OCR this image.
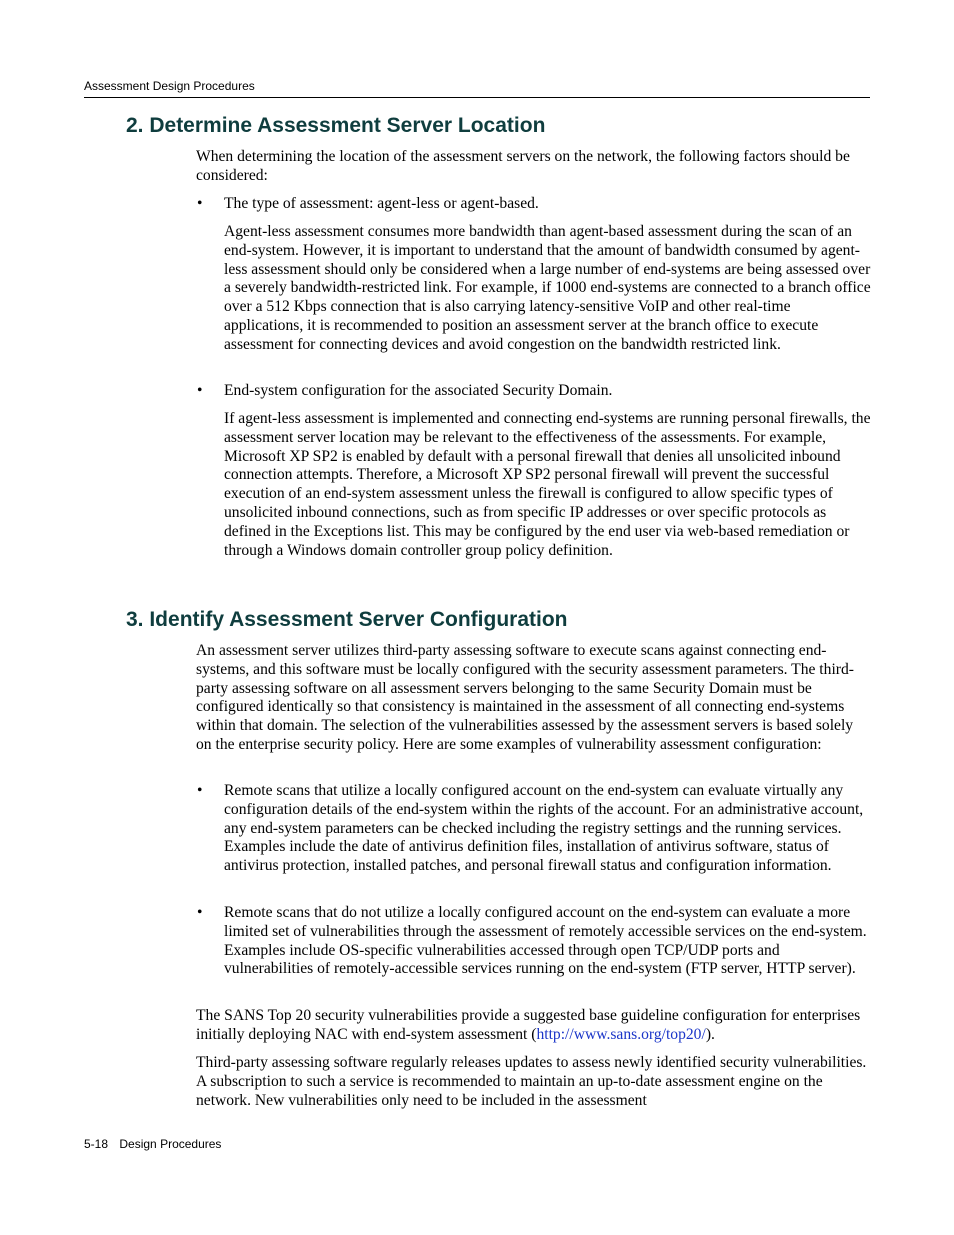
Assessment Design Procedures
2. Determine Assessment Server Location

When determining the location of the assessment servers on the network, the following factors should be considered:

• The type of assessment: agent-less or agent-based.

Agent-less assessment consumes more bandwidth than agent-based assessment during the scan of an end-system. However, it is important to understand that the amount of bandwidth consumed by agent-less assessment should only be considered when a large number of end-systems are being assessed over a severely bandwidth-restricted link. For example, if 1000 end-systems are connected to a branch office over a 512 Kbps connection that is also carrying latency-sensitive VoIP and other real-time applications, it is recommended to position an assessment server at the branch office to execute assessment for connecting devices and avoid congestion on the bandwidth restricted link.

• End-system configuration for the associated Security Domain.

If agent-less assessment is implemented and connecting end-systems are running personal firewalls, the assessment server location may be relevant to the effectiveness of the assessments. For example, Microsoft XP SP2 is enabled by default with a personal firewall that denies all unsolicited inbound connection attempts. Therefore, a Microsoft XP SP2 personal firewall will prevent the successful execution of an end-system assessment unless the firewall is configured to allow specific types of unsolicited inbound connections, such as from specific IP addresses or over specific protocols as defined in the Exceptions list. This may be configured by the end user via web-based remediation or through a Windows domain controller group policy definition.

3. Identify Assessment Server Configuration

An assessment server utilizes third-party assessing software to execute scans against connecting end-systems, and this software must be locally configured with the security assessment parameters. The third-party assessing software on all assessment servers belonging to the same Security Domain must be configured identically so that consistency is maintained in the assessment of all connecting end-systems within that domain. The selection of the vulnerabilities assessed by the assessment servers is based solely on the enterprise security policy. Here are some examples of vulnerability assessment configuration:

• Remote scans that utilize a locally configured account on the end-system can evaluate virtually any configuration details of the end-system within the rights of the account. For an administrative account, any end-system parameters can be checked including the registry settings and the running services. Examples include the date of antivirus definition files, installation of antivirus software, status of antivirus protection, installed patches, and personal firewall status and configuration information.

• Remote scans that do not utilize a locally configured account on the end-system can evaluate a more limited set of vulnerabilities through the assessment of remotely accessible services on the end-system. Examples include OS-specific vulnerabilities accessed through open TCP/UDP ports and vulnerabilities of remotely-accessible services running on the end-system (FTP server, HTTP server).

The SANS Top 20 security vulnerabilities provide a suggested base guideline configuration for enterprises initially deploying NAC with end-system assessment (http://www.sans.org/top20/).

Third-party assessing software regularly releases updates to assess newly identified security vulnerabilities. A subscription to such a service is recommended to maintain an up-to-date assessment engine on the network. New vulnerabilities only need to be included in the assessment

5-18 Design Procedures
